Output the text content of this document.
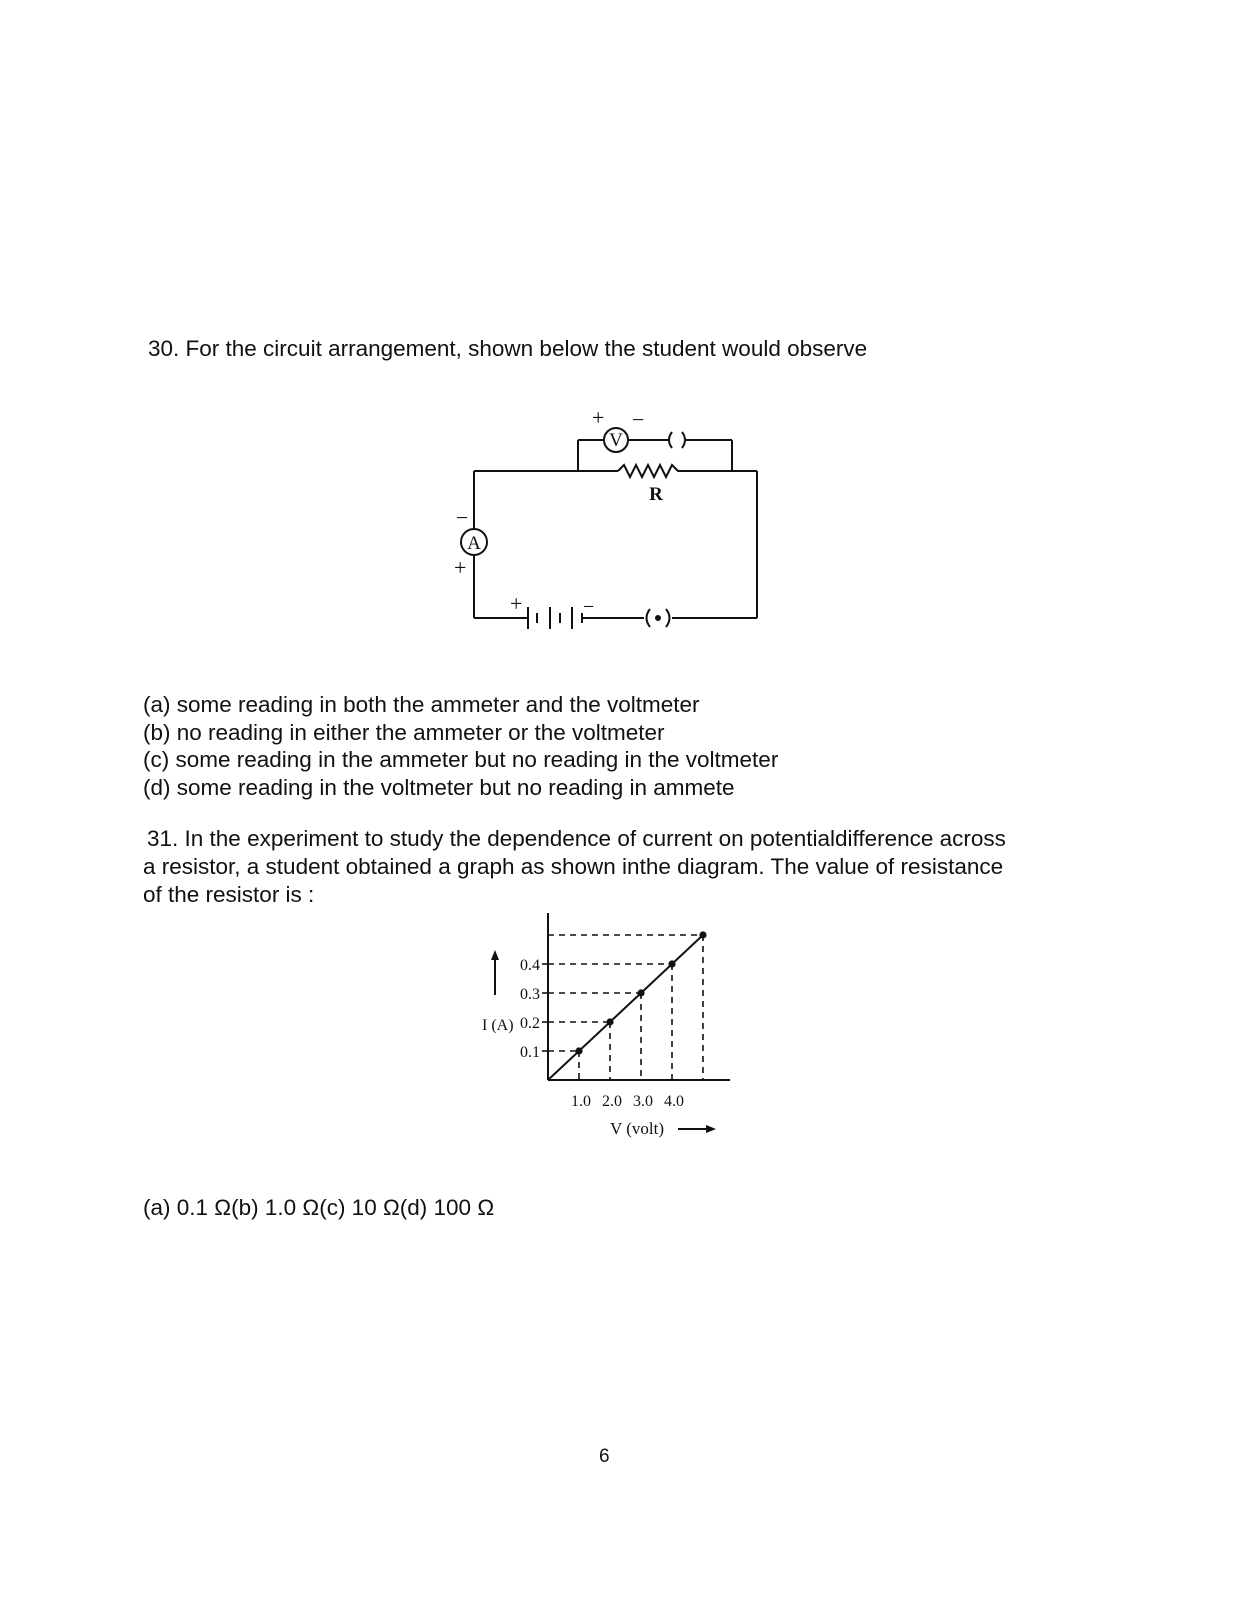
30. For the circuit arrangement, shown below the student would observe
V
A
R
+ −
−
+
+	−
(a) some reading in both the ammeter and the voltmeter
(b) no reading in either the ammeter or the voltmeter
(c) some reading in the ammeter but no reading in the voltmeter
(d) some reading in the voltmeter but no reading in ammete
31. In the experiment to study the dependence of current on potentialdifference across
a resistor, a student obtained a graph as shown inthe diagram. The value of resistance
of the resistor is :
0.1
0.2
0.3
0.4
1.0 2.0 3.0 4.0
I (A)
V (volt)
(a) 0.1 Ω(b) 1.0 Ω(c) 10 Ω(d) 100 Ω
6
